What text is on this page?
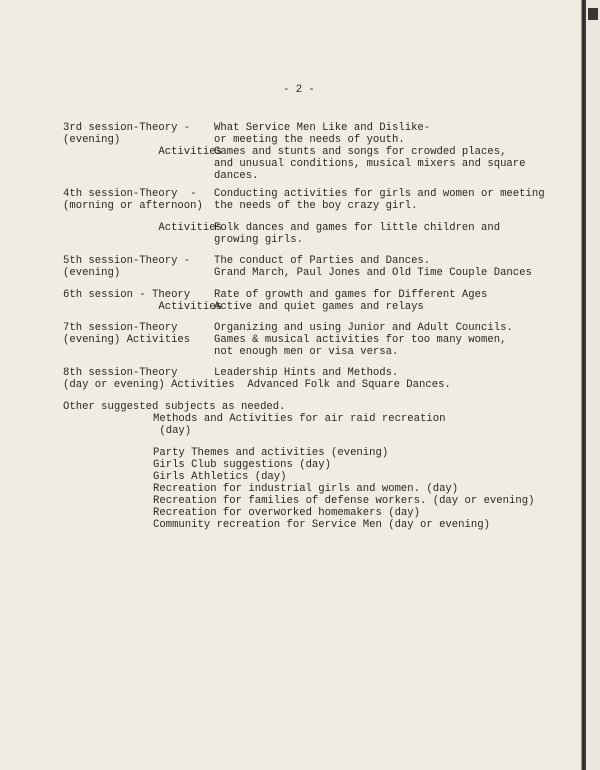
- 2 -
3rd session-Theory -
(evening)
Activities
What Service Men Like and Dislike-
or meeting the needs of youth.
Games and stunts and songs for crowded places,
and unusual conditions, musical mixers and square
dances.
4th session-Theory  -
(morning or afternoon)
Conducting activities for girls and women or meeting
the needs of the boy crazy girl.
Activities
Folk dances and games for little children and
growing girls.
5th session-Theory -
(evening)
The conduct of Parties and Dances.
Grand March, Paul Jones and Old Time Couple Dances
6th session - Theory
Activities
Rate of growth and games for Different Ages
Active and quiet games and relays
7th session-Theory
(evening) Activities
Organizing and using Junior and Adult Councils.
Games & musical activities for too many women,
not enough men or visa versa.
8th session-Theory	Leadership Hints and Methods.
(day or evening) Activities  Advanced Folk and Square Dances.
Other suggested subjects as needed.
Methods and Activities for air raid recreation
(day)
Party Themes and activities (evening)
Girls Club suggestions (day)
Girls Athletics (day)
Recreation for industrial girls and women. (day)
Recreation for families of defense workers. (day or evening)
Recreation for overworked homemakers (day)
Community recreation for Service Men (day or evening)
